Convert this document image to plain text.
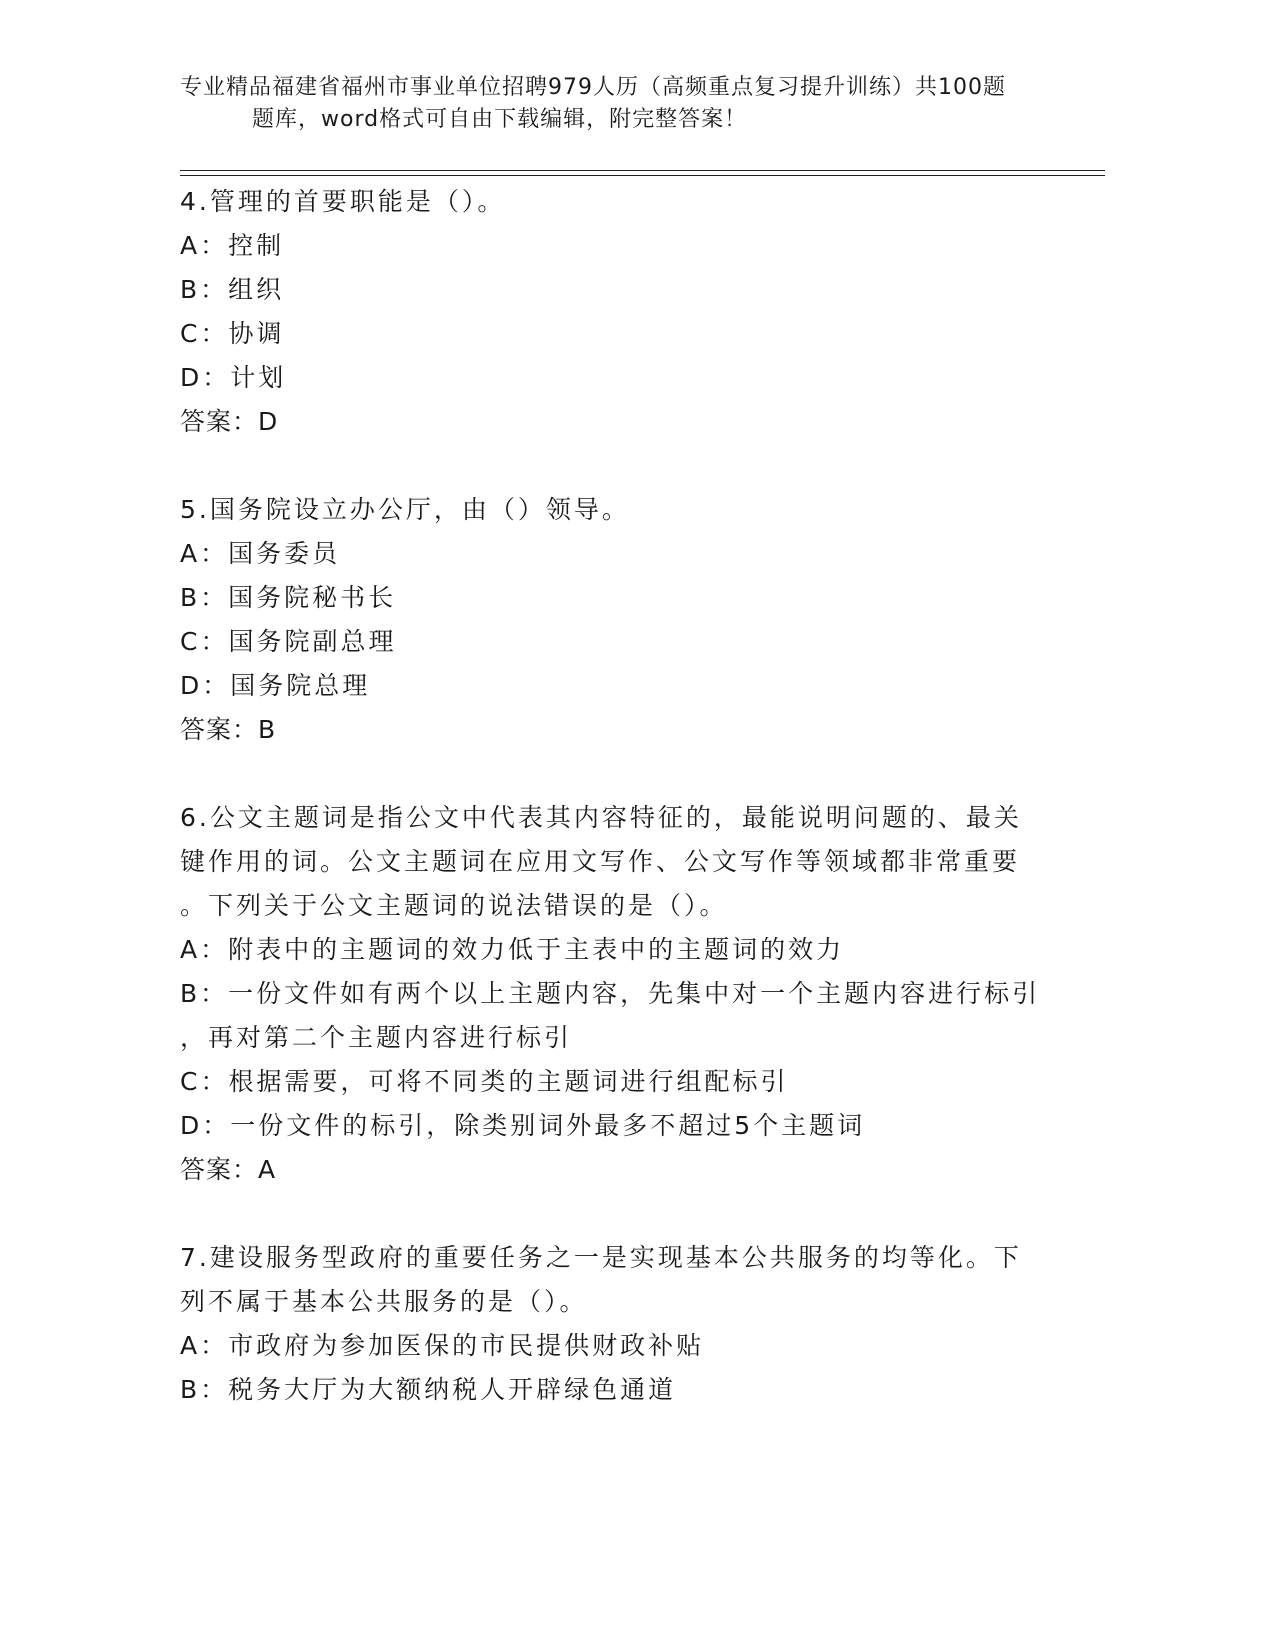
专业精品福建省福州市事业单位招聘979人历（高频重点复习提升训练）共100题
题库，word格式可自由下载编辑，附完整答案！
4.管理的首要职能是（）。
A：控制
B：组织
C：协调
D：计划
答案：D
5.国务院设立办公厅，由（）领导。
A：国务委员
B：国务院秘书长
C：国务院副总理
D：国务院总理
答案：B
6.公文主题词是指公文中代表其内容特征的，最能说明问题的、最关
键作用的词。公文主题词在应用文写作、公文写作等领域都非常重要
。下列关于公文主题词的说法错误的是（）。
A：附表中的主题词的效力低于主表中的主题词的效力
B：一份文件如有两个以上主题内容，先集中对一个主题内容进行标引
，再对第二个主题内容进行标引
C：根据需要，可将不同类的主题词进行组配标引
D：一份文件的标引，除类别词外最多不超过5个主题词
答案：A
7.建设服务型政府的重要任务之一是实现基本公共服务的均等化。下
列不属于基本公共服务的是（）。
A：市政府为参加医保的市民提供财政补贴
B：税务大厅为大额纳税人开辟绿色通道
